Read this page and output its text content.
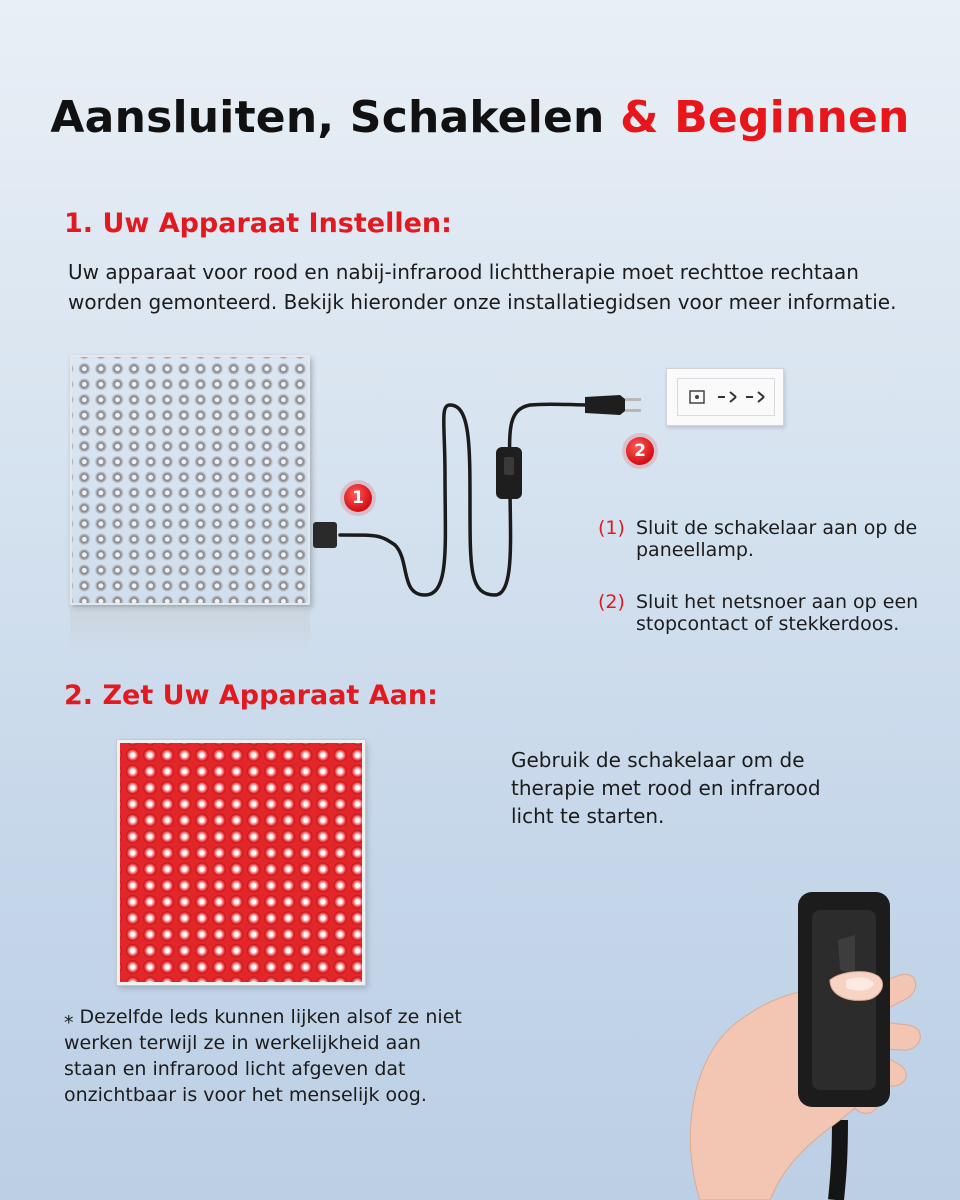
Aansluiten, Schakelen & Beginnen
1. Uw Apparaat Instellen:
Uw apparaat voor rood en nabij-infrarood lichttherapie moet rechttoe rechtaan
worden gemonteerd. Bekijk hieronder onze installatiegidsen voor meer informatie.
1
2
(1) Sluit de schakelaar aan op de paneellamp.
(2) Sluit het netsnoer aan op een stopcontact of stekkerdoos.
2. Zet Uw Apparaat Aan:
Gebruik de schakelaar om de therapie met rood en infrarood licht te starten.
⁎ Dezelfde leds kunnen lijken alsof ze niet werken terwijl ze in werkelijkheid aan staan en infrarood licht afgeven dat onzichtbaar is voor het menselijk oog.
